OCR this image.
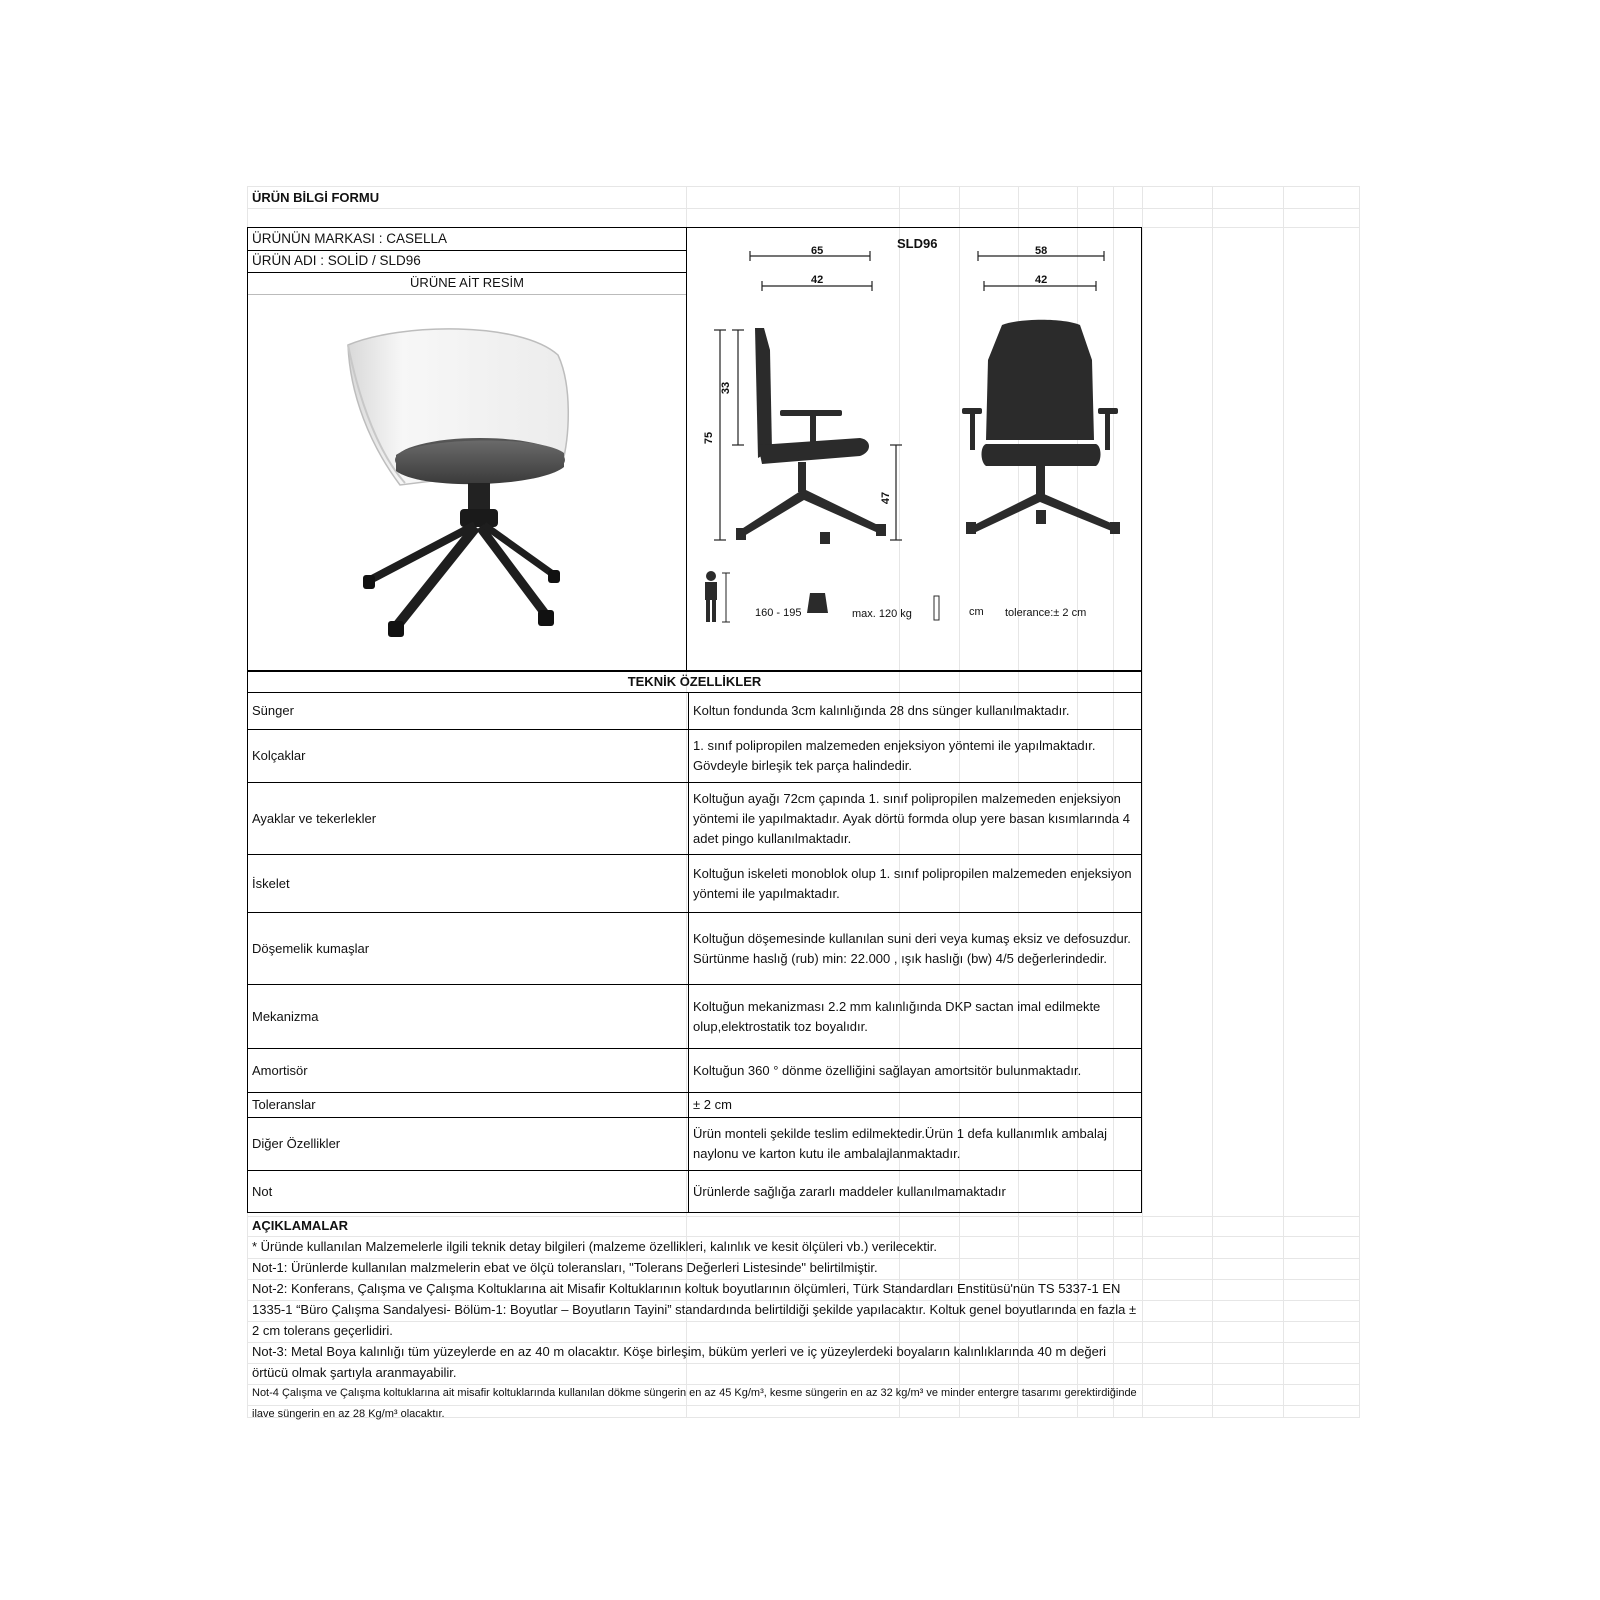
ÜRÜN BİLGİ FORMU
ÜRÜNÜN MARKASI : CASELLA
ÜRÜN ADI : SOLİD / SLD96
ÜRÜNE AİT RESİM
SLD96
65
42
58
42
33
75
47
160 - 195	kg max. 120 kg	cm tolerance:± 2 cm
TEKNİK ÖZELLİKLER	
Sünger	Koltun fondunda 3cm kalınlığında 28 dns sünger kullanılmaktadır.
Kolçaklar	1. sınıf polipropilen malzemeden enjeksiyon yöntemi ile yapılmaktadır. Gövdeyle birleşik tek parça halindedir.
Ayaklar ve tekerlekler	Koltuğun ayağı 72cm çapında 1. sınıf polipropilen malzemeden enjeksiyon yöntemi ile yapılmaktadır. Ayak dörtü formda olup yere basan kısımlarında 4 adet pingo kullanılmaktadır.
İskelet	Koltuğun iskeleti monoblok olup 1. sınıf polipropilen malzemeden enjeksiyon yöntemi ile yapılmaktadır.
Döşemelik kumaşlar	Koltuğun döşemesinde kullanılan suni deri veya kumaş eksiz ve defosuzdur. Sürtünme haslığ (rub) min: 22.000 , ışık haslığı (bw) 4/5 değerlerindedir.
Mekanizma	Koltuğun mekanizması 2.2 mm kalınlığında DKP sactan imal edilmekte olup,elektrostatik toz boyalıdır.
Amortisör	Koltuğun 360 ° dönme özelliğini sağlayan amortsitör bulunmaktadır.
Toleranslar	± 2 cm
Diğer Özellikler	Ürün monteli şekilde teslim edilmektedir.Ürün 1 defa kullanımlık ambalaj naylonu ve karton kutu ile ambalajlanmaktadır.
Not	Ürünlerde sağlığa zararlı maddeler kullanılmamaktadır
AÇIKLAMALAR
* Üründe kullanılan Malzemelerle ilgili teknik detay bilgileri (malzeme özellikleri, kalınlık ve kesit ölçüleri vb.) verilecektir.
Not-1: Ürünlerde kullanılan malzmelerin ebat ve ölçü toleransları, "Tolerans Değerleri Listesinde" belirtilmiştir.
Not-2: Konferans, Çalışma ve Çalışma Koltuklarına ait Misafir Koltuklarının koltuk boyutlarının ölçümleri, Türk Standardları Enstitüsü'nün TS 5337-1 EN 1335-1 “Büro Çalışma Sandalyesi- Bölüm-1: Boyutlar – Boyutların Tayini” standardında belirtildiği şekilde yapılacaktır. Koltuk genel boyutlarında en fazla ± 2 cm tolerans geçerlidiri.
Not-3: Metal Boya kalınlığı tüm yüzeylerde en az 40 m olacaktır. Köşe birleşim, büküm yerleri ve iç yüzeylerdeki boyaların kalınlıklarında 40 m değeri örtücü olmak şartıyla aranmayabilir.
Not-4 Çalışma ve Çalışma koltuklarına ait misafir koltuklarında kullanılan dökme süngerin en az 45 Kg/m³, kesme süngerin en az 32 kg/m³ ve minder entergre tasarımı gerektirdiğinde ilave süngerin en az 28 Kg/m³ olacaktır.
